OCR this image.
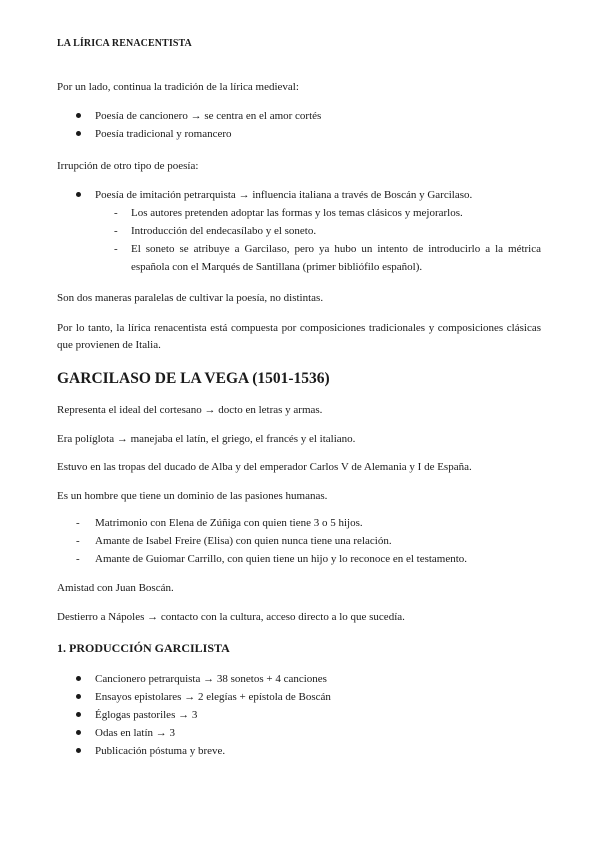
LA LÍRICA RENACENTISTA
Por un lado, continua la tradición de la lírica medieval:
Poesía de cancionero → se centra en el amor cortés
Poesía tradicional y romancero
Irrupción de otro tipo de poesía:
Poesía de imitación petrarquista → influencia italiana a través de Boscán y Garcilaso.
- Los autores pretenden adoptar las formas y los temas clásicos y mejorarlos.
- Introducción del endecasílabo y el soneto.
- El soneto se atribuye a Garcilaso, pero ya hubo un intento de introducirlo a la métrica
española con el Marqués de Santillana (primer bibliófilo español).
Son dos maneras paralelas de cultivar la poesía, no distintas.
Por lo tanto, la lírica renacentista está compuesta por composiciones tradicionales y composiciones clásicas
que provienen de Italia.
GARCILASO DE LA VEGA (1501-1536)
Representa el ideal del cortesano → docto en letras y armas.
Era políglota → manejaba el latín, el griego, el francés y el italiano.
Estuvo en las tropas del ducado de Alba y del emperador Carlos V de Alemania y I de España.
Es un hombre que tiene un dominio de las pasiones humanas.
- Matrimonio con Elena de Zúñiga con quien tiene 3 o 5 hijos.
- Amante de Isabel Freire (Elisa) con quien nunca tiene una relación.
- Amante de Guiomar Carrillo, con quien tiene un hijo y lo reconoce en el testamento.
Amistad con Juan Boscán.
Destierro a Nápoles → contacto con la cultura, acceso directo a lo que sucedía.
1. PRODUCCIÓN GARCILISTA
Cancionero petrarquista → 38 sonetos + 4 canciones
Ensayos epistolares → 2 elegías + epístola de Boscán
Églogas pastoriles → 3
Odas en latín → 3
Publicación póstuma y breve.
